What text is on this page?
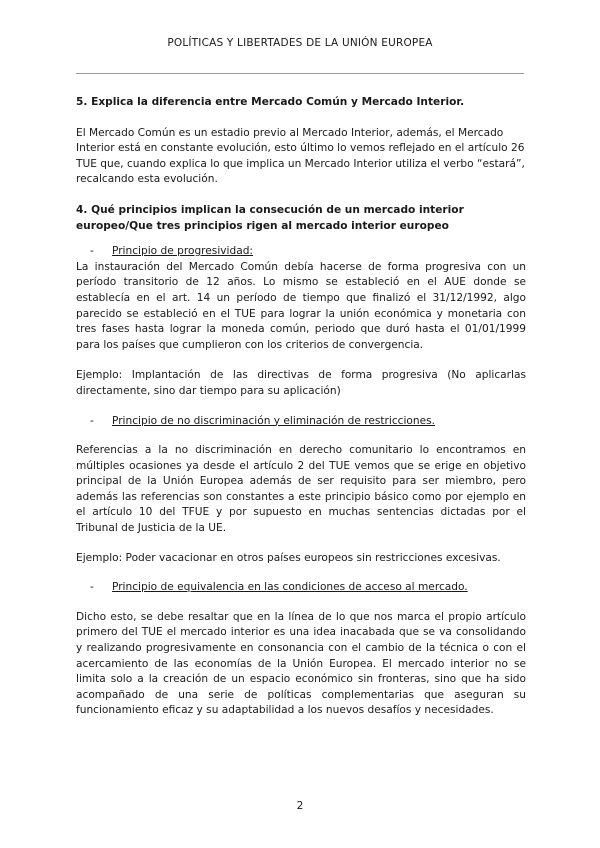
POLÍTICAS Y LIBERTADES DE LA UNIÓN EUROPEA

5. Explica la diferencia entre Mercado Común y Mercado Interior.

El Mercado Común es un estadio previo al Mercado Interior, además, el Mercado Interior está en constante evolución, esto último lo vemos reflejado en el artículo 26 TUE que, cuando explica lo que implica un Mercado Interior utiliza el verbo “estará”, recalcando esta evolución.

4. Qué principios implican la consecución de un mercado interior europeo/Que tres principios rigen al mercado interior europeo

- Principio de progresividad:

La instauración del Mercado Común debía hacerse de forma progresiva con un período transitorio de 12 años. Lo mismo se estableció en el AUE donde se establecía en el art. 14 un período de tiempo que finalizó el 31/12/1992, algo parecido se estableció en el TUE para lograr la unión económica y monetaria con tres fases hasta lograr la moneda común, periodo que duró hasta el 01/01/1999 para los países que cumplieron con los criterios de convergencia.

Ejemplo: Implantación de las directivas de forma progresiva (No aplicarlas directamente, sino dar tiempo para su aplicación)

- Principio de no discriminación y eliminación de restricciones.

Referencias a la no discriminación en derecho comunitario lo encontramos en múltiples ocasiones ya desde el artículo 2 del TUE vemos que se erige en objetivo principal de la Unión Europea además de ser requisito para ser miembro, pero además las referencias son constantes a este principio básico como por ejemplo en el artículo 10 del TFUE y por supuesto en muchas sentencias dictadas por el Tribunal de Justicia de la UE.

Ejemplo: Poder vacacionar en otros países europeos sin restricciones excesivas.

- Principio de equivalencia en las condiciones de acceso al mercado.

Dicho esto, se debe resaltar que en la línea de lo que nos marca el propio artículo primero del TUE el mercado interior es una idea inacabada que se va consolidando y realizando progresivamente en consonancia con el cambio de la técnica o con el acercamiento de las economías de la Unión Europea. El mercado interior no se limita solo a la creación de un espacio económico sin fronteras, sino que ha sido acompañado de una serie de políticas complementarias que aseguran su funcionamiento eficaz y su adaptabilidad a los nuevos desafíos y necesidades.

2
